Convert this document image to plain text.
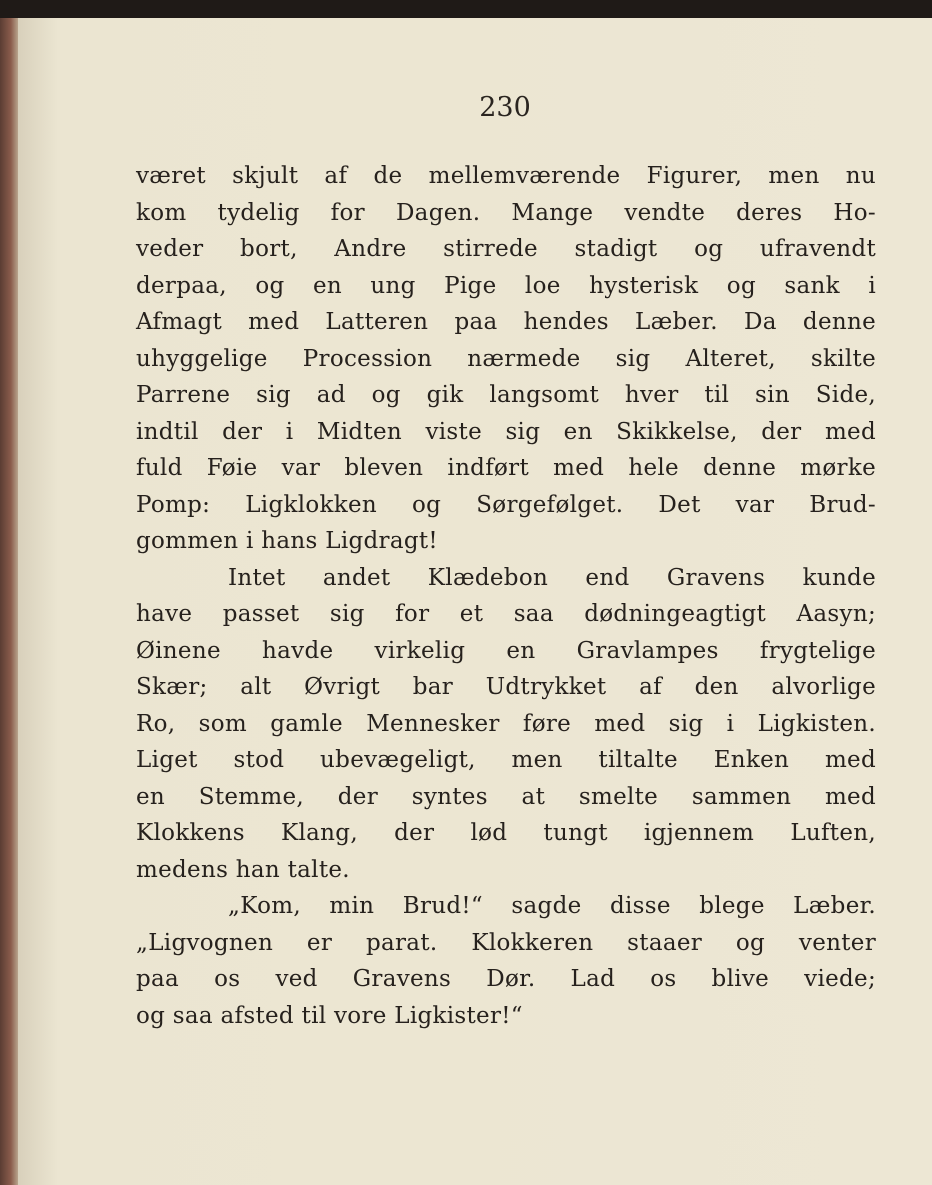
230
været skjult af de mellemværende Figurer, men nu
kom tydelig for Dagen. Mange vendte deres Ho-
veder bort, Andre stirrede stadigt og ufravendt
derpaa, og en ung Pige loe hysterisk og sank i
Afmagt med Latteren paa hendes Læber. Da denne
uhyggelige Procession nærmede sig Alteret, skilte
Parrene sig ad og gik langsomt hver til sin Side,
indtil der i Midten viste sig en Skikkelse, der med
fuld Føie var bleven indført med hele denne mørke
Pomp: Ligklokken og Sørgefølget. Det var Brud-
gommen i hans Ligdragt!
Intet andet Klædebon end Gravens kunde
have passet sig for et saa dødningeagtigt Aasyn;
Øinene havde virkelig en Gravlampes frygtelige
Skær; alt Øvrigt bar Udtrykket af den alvorlige
Ro, som gamle Mennesker føre med sig i Ligkisten.
Liget stod ubevægeligt, men tiltalte Enken med
en Stemme, der syntes at smelte sammen med
Klokkens Klang, der lød tungt igjennem Luften,
medens han talte.
„Kom, min Brud!“ sagde disse blege Læber.
„Ligvognen er parat. Klokkeren staaer og venter
paa os ved Gravens Dør. Lad os blive viede;
og saa afsted til vore Ligkister!“
